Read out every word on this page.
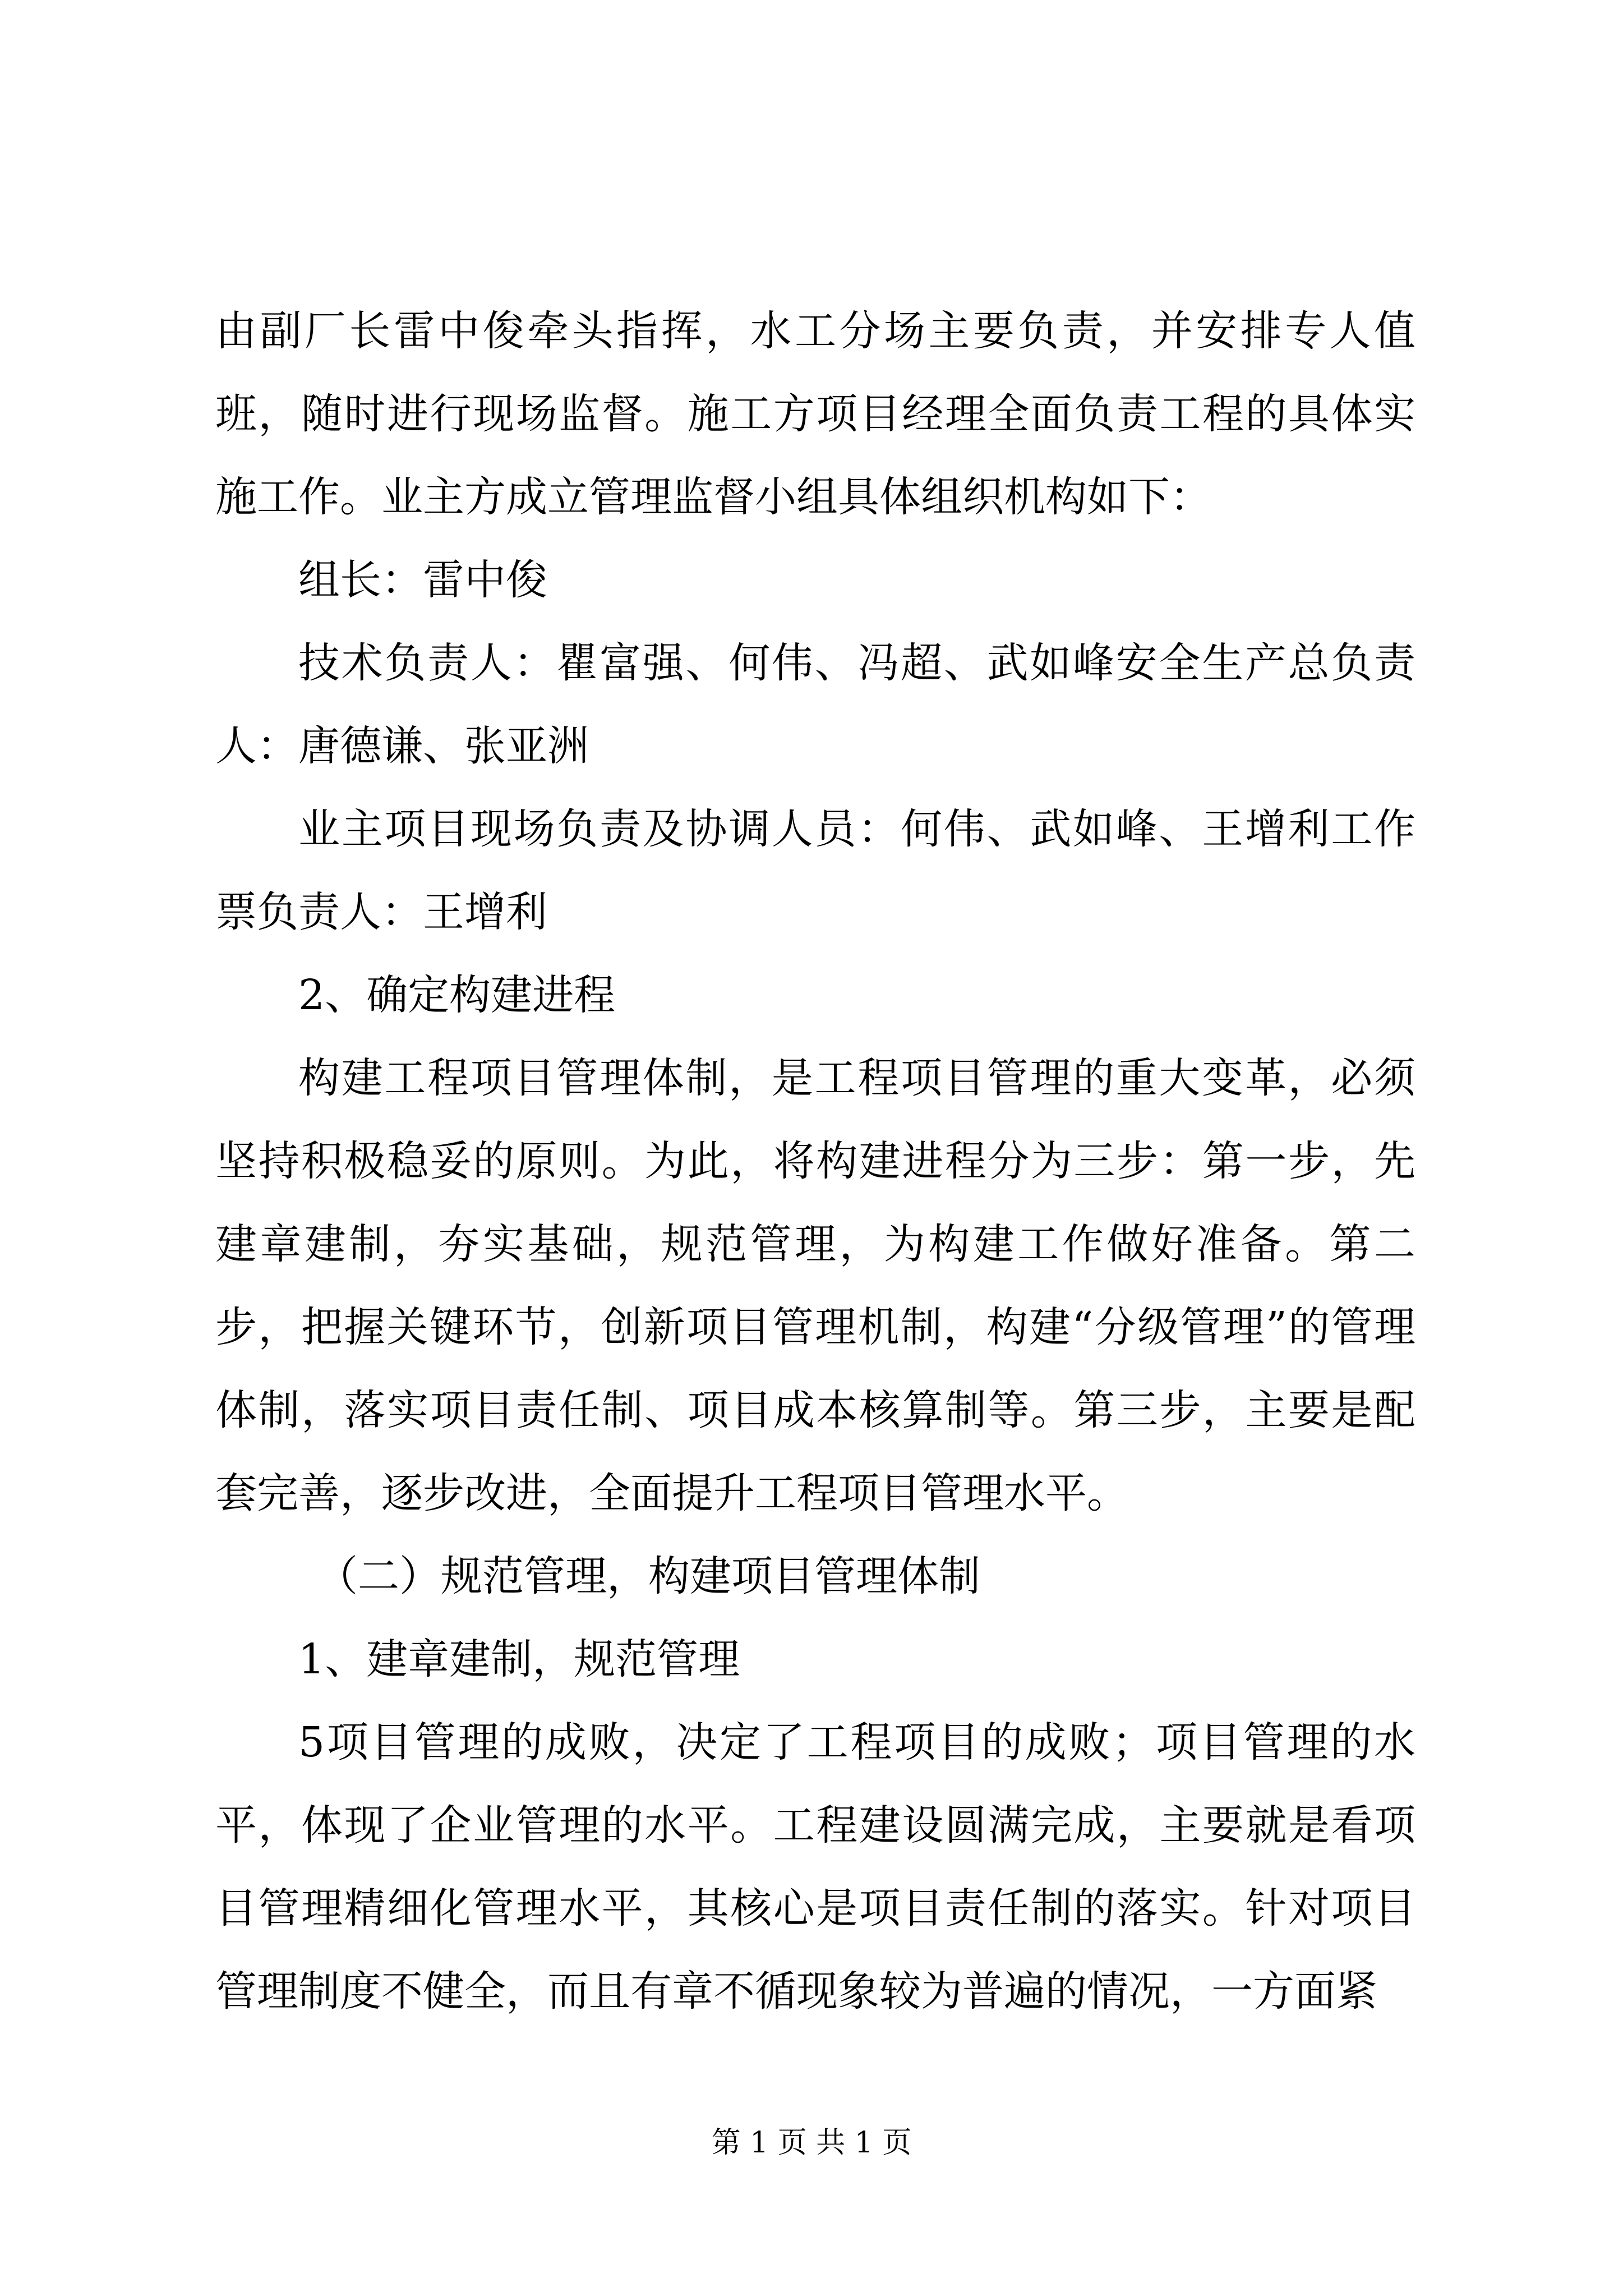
由副厂长雷中俊牵头指挥，水工分场主要负责，并安排专人值班，随时进行现场监督。施工方项目经理全面负责工程的具体实施工作。业主方成立管理监督小组具体组织机构如下：

组长：雷中俊

技术负责人：瞿富强、何伟、冯超、武如峰安全生产总负责人：唐德谦、张亚洲

业主项目现场负责及协调人员：何伟、武如峰、王增利工作票负责人：王增利

2、确定构建进程

构建工程项目管理体制，是工程项目管理的重大变革，必须坚持积极稳妥的原则。为此，将构建进程分为三步：第一步，先建章建制，夯实基础，规范管理，为构建工作做好准备。第二步，把握关键环节，创新项目管理机制，构建“分级管理”的管理体制，落实项目责任制、项目成本核算制等。第三步，主要是配套完善，逐步改进，全面提升工程项目管理水平。

（二）规范管理，构建项目管理体制

1、建章建制，规范管理

5项目管理的成败，决定了工程项目的成败；项目管理的水平，体现了企业管理的水平。工程建设圆满完成，主要就是看项目管理精细化管理水平，其核心是项目责任制的落实。针对项目管理制度不健全，而且有章不循现象较为普遍的情况，一方面紧

第 1 页 共 1 页
